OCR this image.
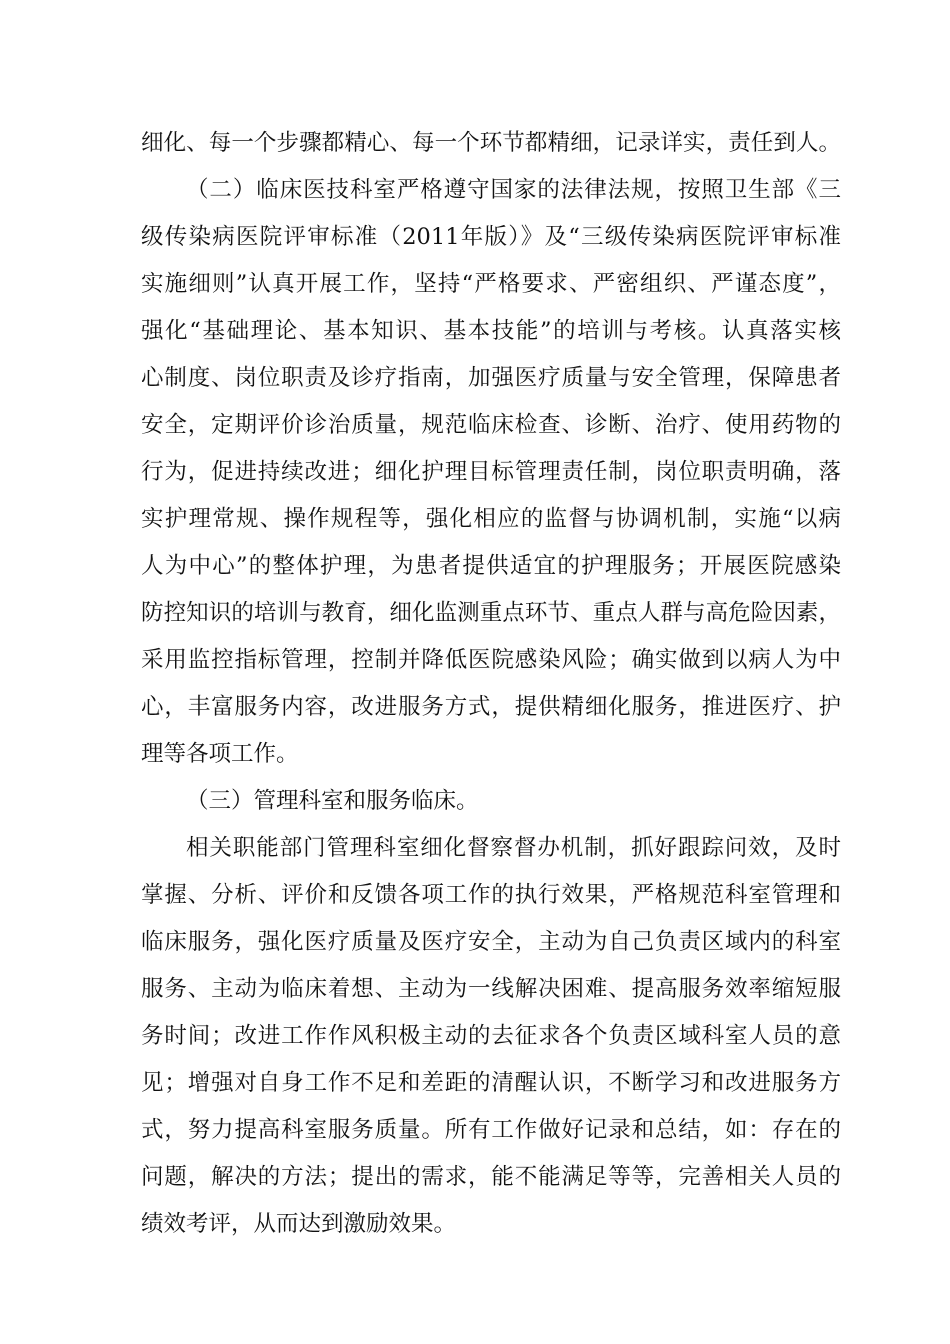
细化、每一个步骤都精心、每一个环节都精细，记录详实，责任到人。
（二）临床医技科室严格遵守国家的法律法规，按照卫生部《三
级传染病医院评审标准（2011年版）》及“三级传染病医院评审标准
实施细则”认真开展工作，坚持“严格要求、严密组织、严谨态度”，
强化“基础理论、基本知识、基本技能”的培训与考核。认真落实核
心制度、岗位职责及诊疗指南，加强医疗质量与安全管理，保障患者
安全，定期评价诊治质量，规范临床检查、诊断、治疗、使用药物的
行为，促进持续改进；细化护理目标管理责任制，岗位职责明确，落
实护理常规、操作规程等，强化相应的监督与协调机制，实施“以病
人为中心”的整体护理，为患者提供适宜的护理服务；开展医院感染
防控知识的培训与教育，细化监测重点环节、重点人群与高危险因素，
采用监控指标管理，控制并降低医院感染风险；确实做到以病人为中
心，丰富服务内容，改进服务方式，提供精细化服务，推进医疗、护
理等各项工作。
（三）管理科室和服务临床。
相关职能部门管理科室细化督察督办机制，抓好跟踪问效，及时
掌握、分析、评价和反馈各项工作的执行效果，严格规范科室管理和
临床服务，强化医疗质量及医疗安全，主动为自己负责区域内的科室
服务、主动为临床着想、主动为一线解决困难、提高服务效率缩短服
务时间；改进工作作风积极主动的去征求各个负责区域科室人员的意
见；增强对自身工作不足和差距的清醒认识，不断学习和改进服务方
式，努力提高科室服务质量。所有工作做好记录和总结，如：存在的
问题，解决的方法；提出的需求，能不能满足等等，完善相关人员的
绩效考评，从而达到激励效果。
